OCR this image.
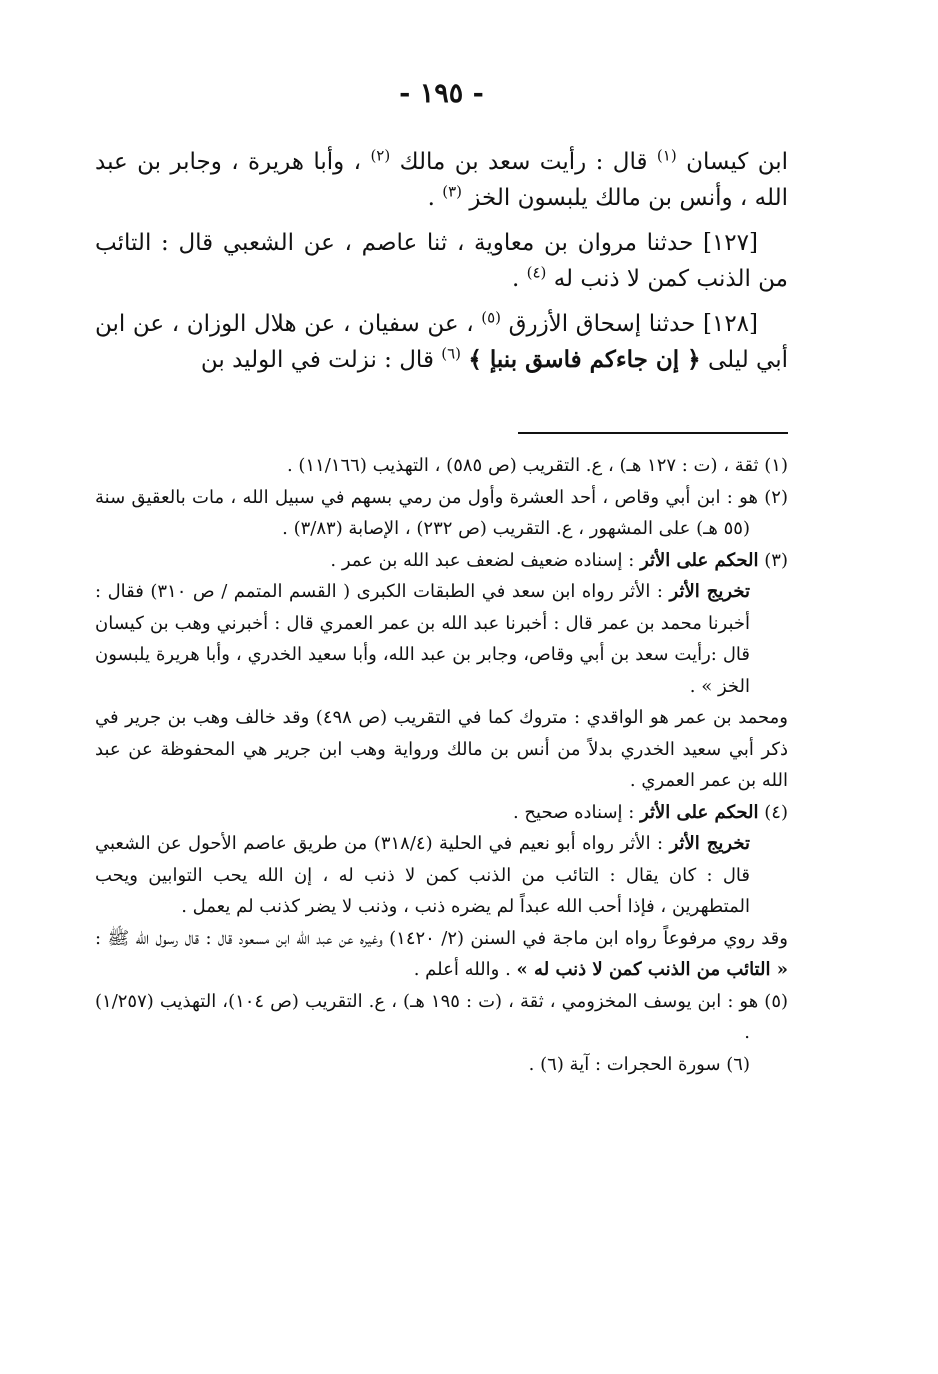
- ١٩٥ -

ابن كيسان $^{(١)}$ قال : رأيت سعد بن مالك $^{(٢)}$ ، وأبا هريرة ، وجابر بن عبد الله ، وأنس بن مالك يلبسون الخز $^{(٣)}$ .

[١٢٧] حدثنا مروان بن معاوية ، ثنا عاصم ، عن الشعبي قال : التائب من الذنب كمن لا ذنب له $^{(٤)}$ .

[١٢٨] حدثنا إسحاق الأزرق $^{(٥)}$ ، عن سفيان ، عن هلال الوزان ، عن ابن أبي ليلى ﴿ إن جاءكم فاسق بنبإ ﴾ $^{(٦)}$ قال : نزلت في الوليد بن

(١) ثقة ، (ت : ١٢٧ هـ) ، ع. التقريب (ص ٥٨٥) ، التهذيب (١١/١٦٦) .

(٢) هو : ابن أبي وقاص ، أحد العشرة وأول من رمي بسهم في سبيل الله ، مات بالعقيق سنة (٥٥ هـ) على المشهور ، ع. التقريب (ص ٢٣٢) ، الإصابة (٣/٨٣) .

(٣) الحكم على الأثر : إسناده ضعيف لضعف عبد الله بن عمر .

تخريج الأثر : الأثر رواه ابن سعد في الطبقات الكبرى ( القسم المتمم / ص ٣١٠) فقال : أخبرنا محمد بن عمر قال : أخبرنا عبد الله بن عمر العمري قال : أخبرني وهب بن كيسان قال :رأيت سعد بن أبي وقاص، وجابر بن عبد الله، وأبا سعيد الخدري ، وأبا هريرة يلبسون الخز » .

ومحمد بن عمر هو الواقدي : متروك كما في التقريب (ص ٤٩٨) وقد خالف وهب بن جرير في ذكر أبي سعيد الخدري بدلاً من أنس بن مالك ورواية وهب ابن جرير هي المحفوظة عن عبد الله بن عمر العمري .

(٤) الحكم على الأثر : إسناده صحيح .

تخريج الأثر : الأثر رواه أبو نعيم في الحلية (٣١٨/٤) من طريق عاصم الأحول عن الشعبي قال : كان يقال : التائب من الذنب كمن لا ذنب له ، إن الله يحب التوابين ويحب المتطهرين ، فإذا أحب الله عبداً لم يضره ذنب ، وذنب لا يضر كذنب لم يعمل .

وقد روي مرفوعاً رواه ابن ماجة في السنن (٢/ ١٤٢٠) وغيره عن عبد الله ابن مسعود قال : قال رسول الله ﷺ : « التائب من الذنب كمن لا ذنب له » . والله أعلم .

(٥) هو : ابن يوسف المخزومي ، ثقة ، (ت : ١٩٥ هـ) ، ع. التقريب (ص ١٠٤)، التهذيب (١/٢٥٧) .

(٦) سورة الحجرات : آية (٦) .
